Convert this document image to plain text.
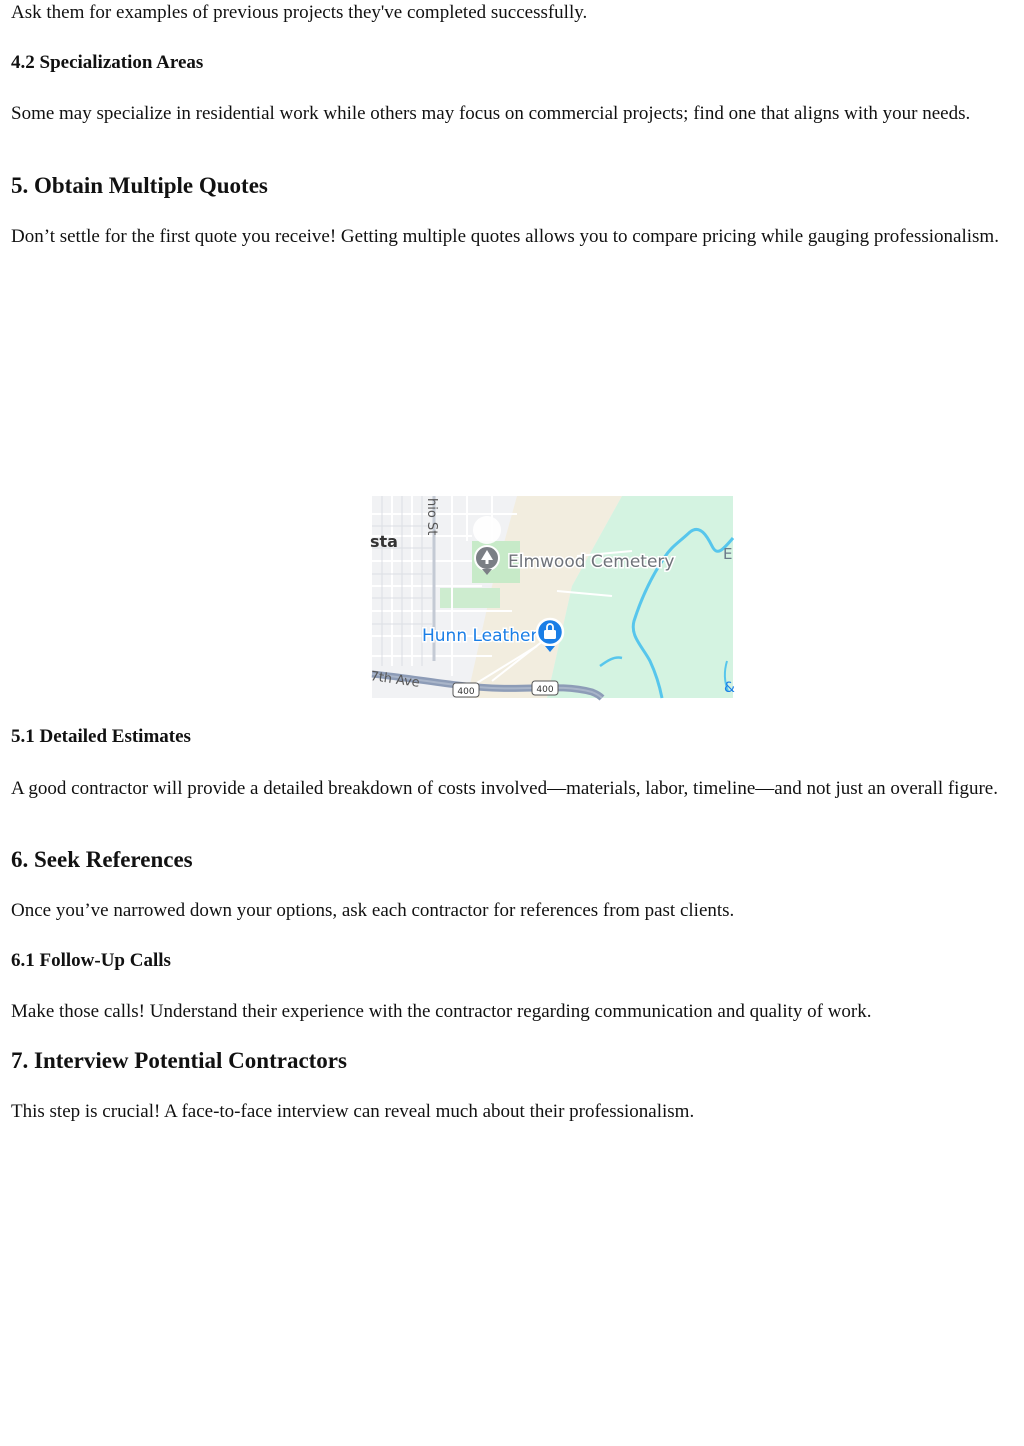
Ask them for examples of previous projects they've completed successfully.

4.2 Specialization Areas

Some may specialize in residential work while others may focus on commercial projects; find one that aligns with your needs.

5. Obtain Multiple Quotes

Don’t settle for the first quote you receive! Getting multiple quotes allows you to compare pricing while gauging professionalism.

5.1 Detailed Estimates

A good contractor will provide a detailed breakdown of costs involved—materials, labor, timeline—and not just an overall figure.

6. Seek References

Once you’ve narrowed down your options, ask each contractor for references from past clients.

6.1 Follow-Up Calls

Make those calls! Understand their experience with the contractor regarding communication and quality of work.

7. Interview Potential Contractors

This step is crucial! A face-to-face interview can reveal much about their professionalism.

400	400
hio St
7th Ave
sta
E
&
Elmwood Cemetery
Hunn Leather
